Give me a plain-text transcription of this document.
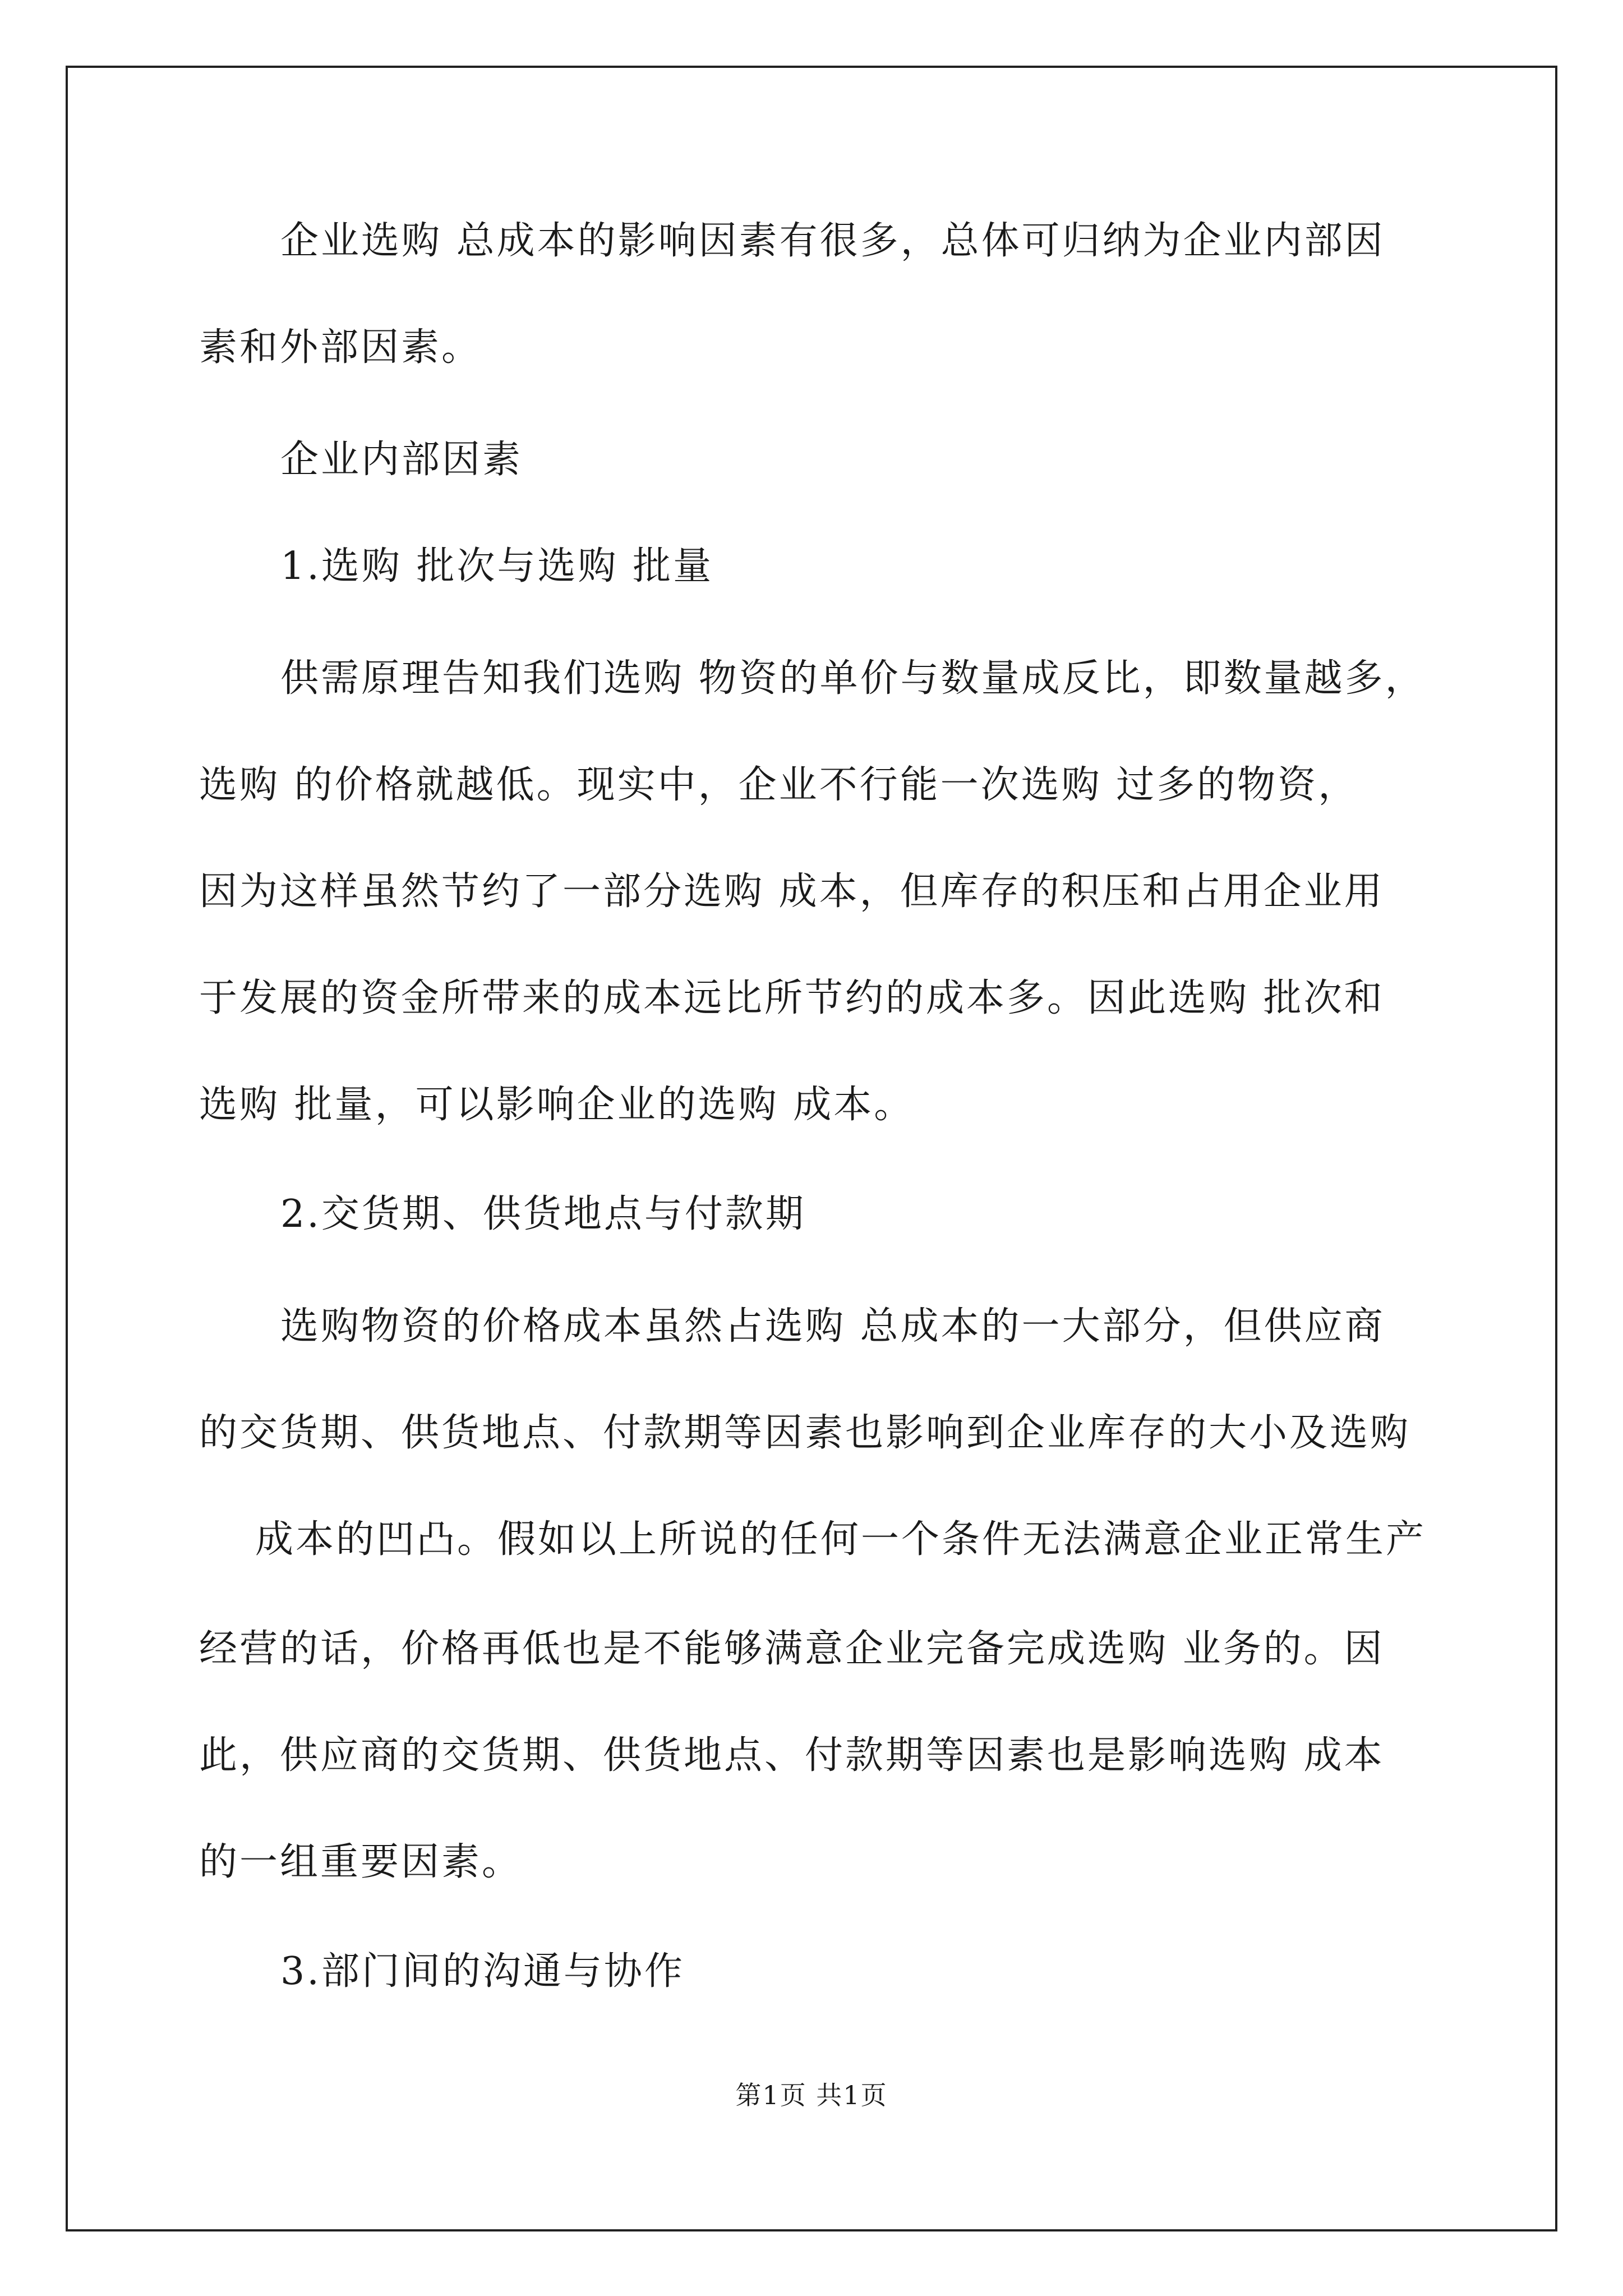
企业选购 总成本的影响因素有很多，总体可归纳为企业内部因
素和外部因素。
企业内部因素
1.选购 批次与选购 批量
供需原理告知我们选购 物资的单价与数量成反比，即数量越多，
选购 的价格就越低。现实中，企业不行能一次选购 过多的物资，
因为这样虽然节约了一部分选购 成本，但库存的积压和占用企业用
于发展的资金所带来的成本远比所节约的成本多。因此选购 批次和
选购 批量，可以影响企业的选购 成本。
2.交货期、供货地点与付款期
选购物资的价格成本虽然占选购 总成本的一大部分，但供应商
的交货期、供货地点、付款期等因素也影响到企业库存的大小及选购
成本的凹凸。假如以上所说的任何一个条件无法满意企业正常生产
经营的话，价格再低也是不能够满意企业完备完成选购 业务的。因
此，供应商的交货期、供货地点、付款期等因素也是影响选购 成本
的一组重要因素。
3.部门间的沟通与协作
第1页 共1页
